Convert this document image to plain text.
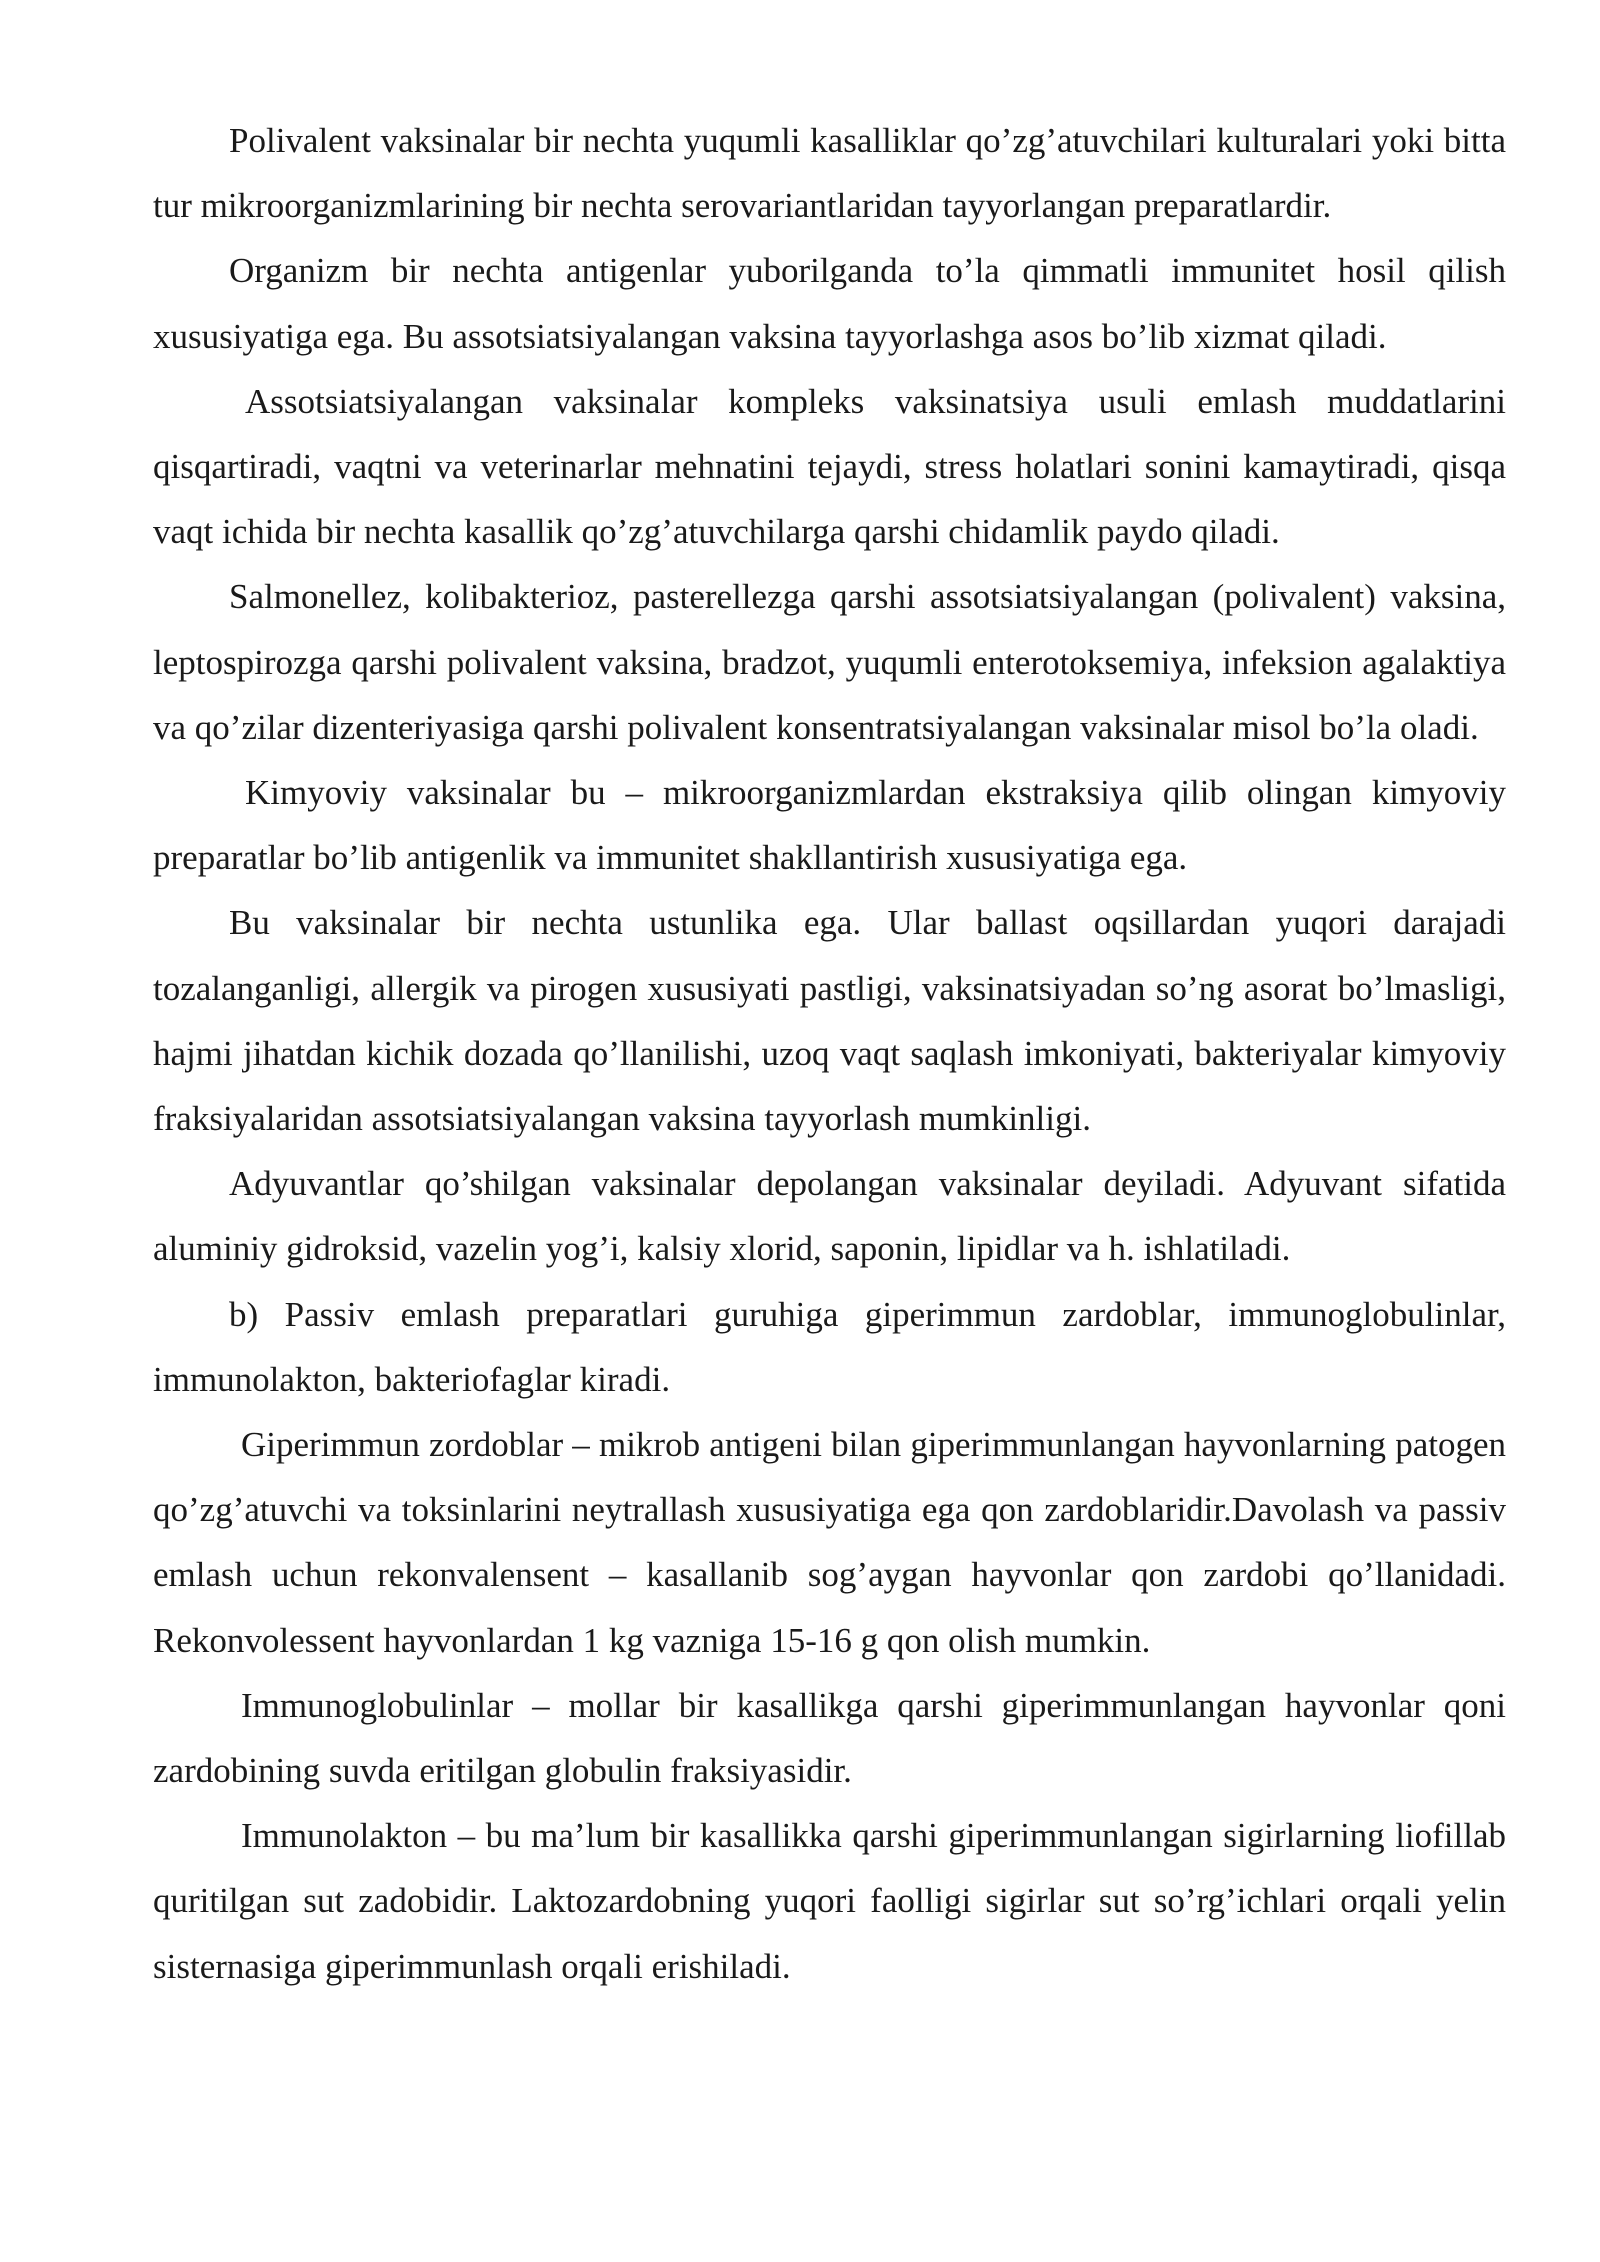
Polivalent vaksinalar bir nechta yuqumli kasalliklar qo’zg’atuvchilari kulturalari yoki bitta tur mikroorganizmlarining bir nechta serovariantlaridan tayyorlangan preparatlardir.

Organizm bir nechta antigenlar yuborilganda to’la qimmatli immunitet hosil qilish xususiyatiga ega. Bu assotsiatsiyalangan vaksina tayyorlashga asos bo’lib xizmat qiladi.

Assotsiatsiyalangan vaksinalar kompleks vaksinatsiya usuli emlash muddatlarini qisqartiradi, vaqtni va veterinarlar mehnatini tejaydi, stress holatlari sonini kamaytiradi, qisqa vaqt ichida bir nechta kasallik qo’zg’atuvchilarga qarshi chidamlik paydo qiladi.

Salmonellez, kolibakterioz, pasterellezga qarshi assotsiatsiyalangan (polivalent) vaksina, leptospirozga qarshi polivalent vaksina, bradzot, yuqumli enterotoksemiya, infeksion agalaktiya va qo’zilar dizenteriyasiga qarshi polivalent konsentratsiyalangan vaksinalar misol bo’la oladi.

Kimyoviy vaksinalar bu – mikroorganizmlardan ekstraksiya qilib olingan kimyoviy preparatlar bo’lib antigenlik va immunitet shakllantirish xususiyatiga ega.

Bu vaksinalar bir nechta ustunlika ega. Ular ballast oqsillardan yuqori darajadi tozalanganligi, allergik va pirogen xususiyati pastligi, vaksinatsiyadan so’ng asorat bo’lmasligi, hajmi jihatdan kichik dozada qo’llanilishi, uzoq vaqt saqlash imkoniyati, bakteriyalar kimyoviy fraksiyalaridan assotsiatsiyalangan vaksina tayyorlash mumkinligi.

Adyuvantlar qo’shilgan vaksinalar depolangan vaksinalar deyiladi. Adyuvant sifatida aluminiy gidroksid, vazelin yog’i, kalsiy xlorid, saponin, lipidlar va h. ishlatiladi.

b) Passiv emlash preparatlari guruhiga giperimmun zardoblar, immunoglobulinlar, immunolakton, bakteriofaglar kiradi.

Giperimmun zordoblar – mikrob antigeni bilan giperimmunlangan hayvonlarning patogen qo’zg’atuvchi va toksinlarini neytrallash xususiyatiga ega qon zardoblaridir.Davolash va passiv emlash uchun rekonvalensent – kasallanib sog’aygan hayvonlar qon zardobi qo’llanidadi. Rekonvolessent hayvonlardan 1 kg vazniga 15-16 g qon olish mumkin.

Immunoglobulinlar – mollar bir kasallikga qarshi giperimmunlangan hayvonlar qoni zardobining suvda eritilgan globulin fraksiyasidir.

Immunolakton – bu ma’lum bir kasallikka qarshi giperimmunlangan sigirlarning liofillab quritilgan sut zadobidir. Laktozardobning yuqori faolligi sigirlar sut so’rg’ichlari orqali yelin sisternasiga giperimmunlash orqali erishiladi.
